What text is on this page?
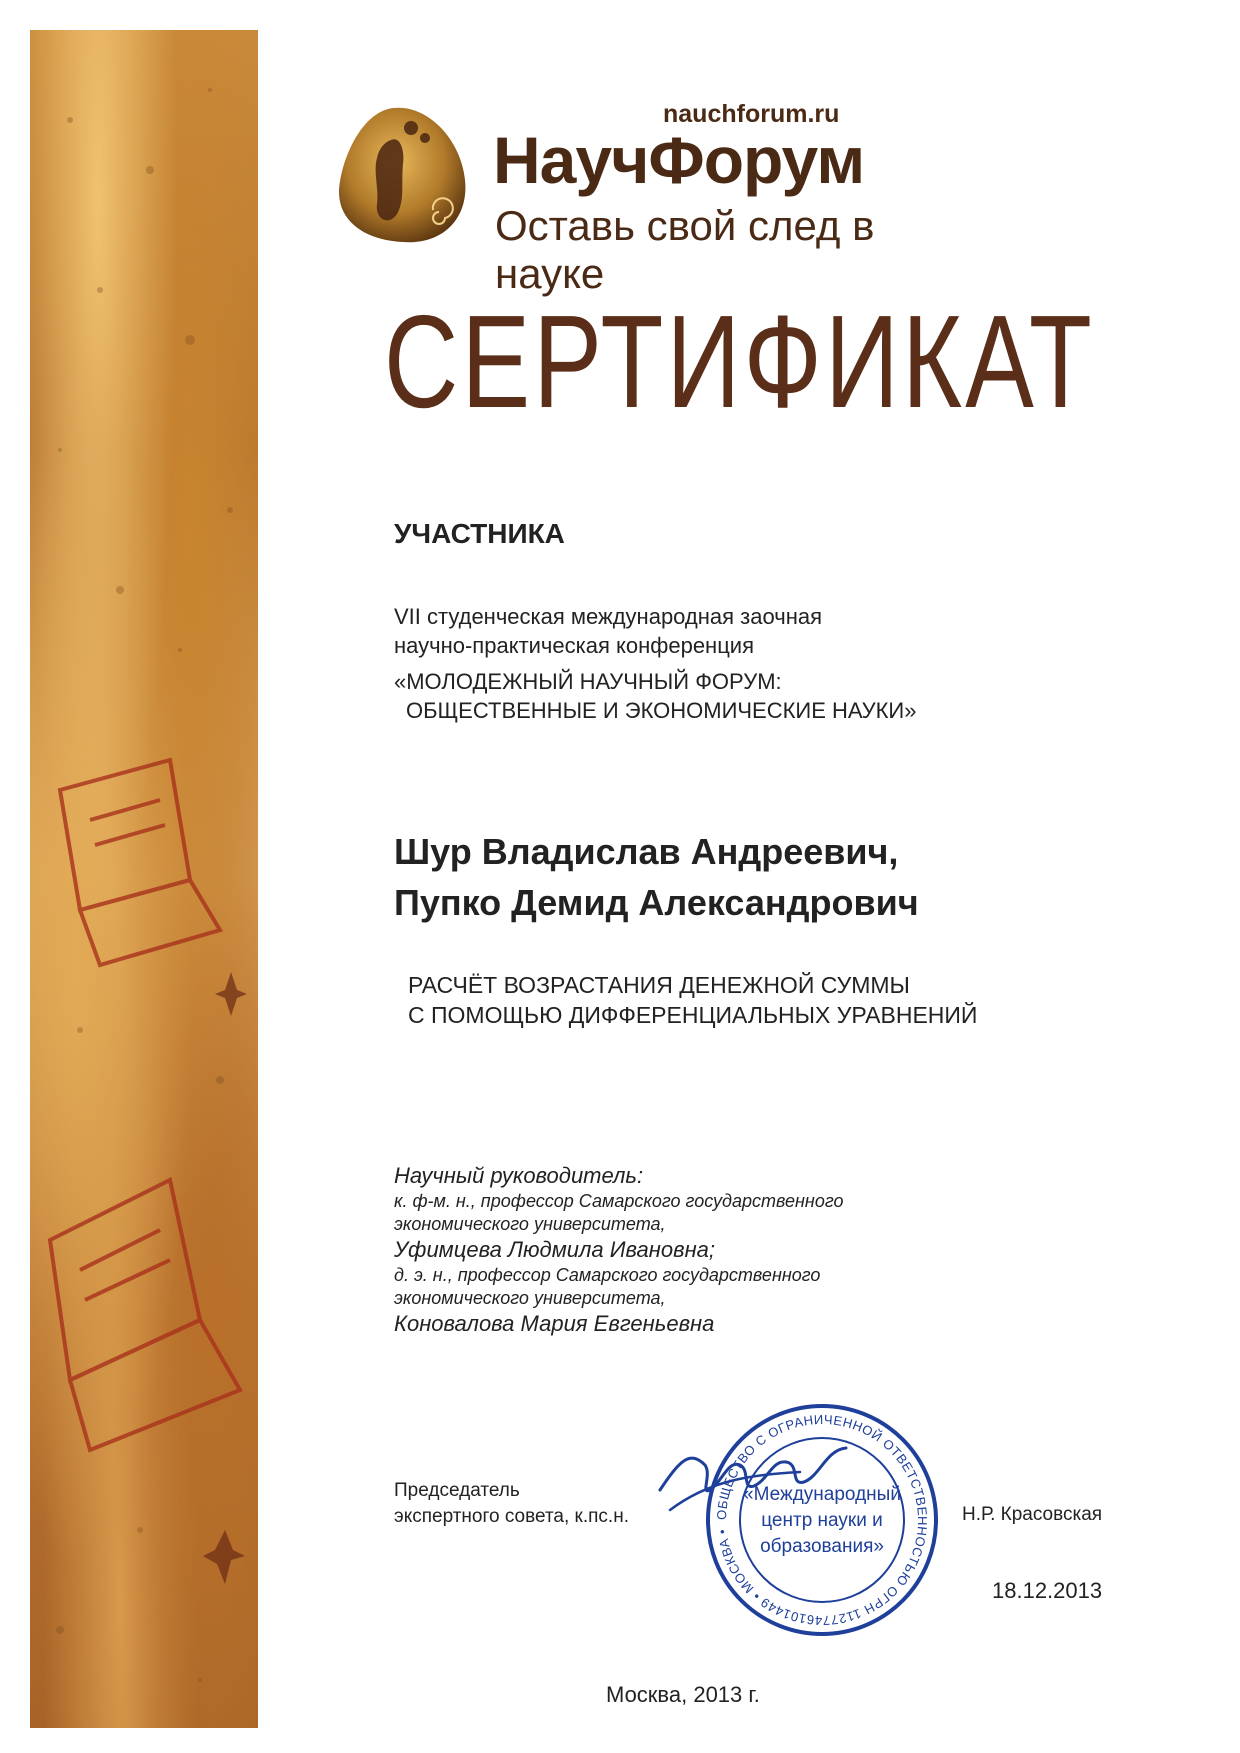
nauchforum.ru
НаучФорум
Оставь свой след в науке
СЕРТИФИКАТ
УЧАСТНИКА
VII студенческая международная заочная
научно-практическая конференция
«МОЛОДЕЖНЫЙ НАУЧНЫЙ ФОРУМ:
ОБЩЕСТВЕННЫЕ И ЭКОНОМИЧЕСКИЕ НАУКИ»
Шур Владислав Андреевич,
Пупко Демид Александрович
РАСЧЁТ ВОЗРАСТАНИЯ ДЕНЕЖНОЙ СУММЫ
С ПОМОЩЬЮ ДИФФЕРЕНЦИАЛЬНЫХ УРАВНЕНИЙ
Научный руководитель:
к. ф-м. н., профессор Самарского государственного
экономического университета,
Уфимцева Людмила Ивановна;
д. э. н., профессор Самарского государственного
экономического университета,
Коновалова Мария Евгеньевна
Председатель
экспертного совета, к.пс.н.	ОБЩЕСТВО С ОГРАНИЧЕННОЙ ОТВЕТСТВЕННОСТЬЮ ОГРН 1127746101449 • МОСКВА •
«Международный
центр науки и
образования»
Н.Р. Красовская
18.12.2013
Москва, 2013 г.
